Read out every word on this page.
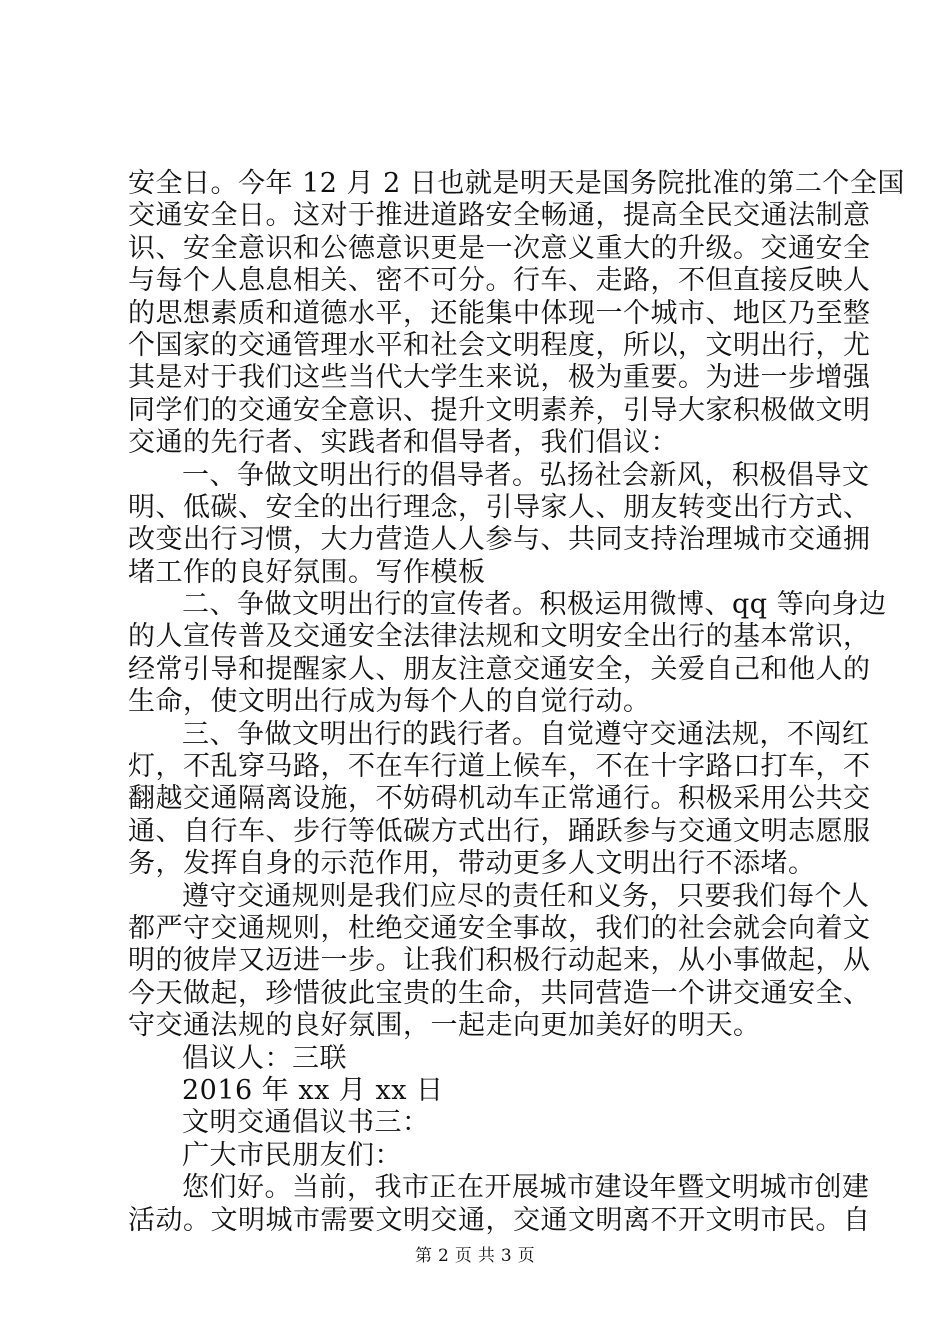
安全日。今年 12 月 2 日也就是明天是国务院批准的第二个全国
交通安全日。这对于推进道路安全畅通，提高全民交通法制意
识、安全意识和公德意识更是一次意义重大的升级。交通安全
与每个人息息相关、密不可分。行车、走路，不但直接反映人
的思想素质和道德水平，还能集中体现一个城市、地区乃至整
个国家的交通管理水平和社会文明程度，所以，文明出行，尤
其是对于我们这些当代大学生来说，极为重要。为进一步增强
同学们的交通安全意识、提升文明素养，引导大家积极做文明
交通的先行者、实践者和倡导者，我们倡议：
一、争做文明出行的倡导者。弘扬社会新风，积极倡导文
明、低碳、安全的出行理念，引导家人、朋友转变出行方式、
改变出行习惯，大力营造人人参与、共同支持治理城市交通拥
堵工作的良好氛围。写作模板
二、争做文明出行的宣传者。积极运用微博、qq 等向身边
的人宣传普及交通安全法律法规和文明安全出行的基本常识，
经常引导和提醒家人、朋友注意交通安全，关爱自己和他人的
生命，使文明出行成为每个人的自觉行动。
三、争做文明出行的践行者。自觉遵守交通法规，不闯红
灯，不乱穿马路，不在车行道上候车，不在十字路口打车，不
翻越交通隔离设施，不妨碍机动车正常通行。积极采用公共交
通、自行车、步行等低碳方式出行，踊跃参与交通文明志愿服
务，发挥自身的示范作用，带动更多人文明出行不添堵。
遵守交通规则是我们应尽的责任和义务，只要我们每个人
都严守交通规则，杜绝交通安全事故，我们的社会就会向着文
明的彼岸又迈进一步。让我们积极行动起来，从小事做起，从
今天做起，珍惜彼此宝贵的生命，共同营造一个讲交通安全、
守交通法规的良好氛围，一起走向更加美好的明天。
倡议人：三联
2016 年 xx 月 xx 日
文明交通倡议书三：
广大市民朋友们：
您们好。当前，我市正在开展城市建设年暨文明城市创建
活动。文明城市需要文明交通，交通文明离不开文明市民。自
第 2 页 共 3 页
